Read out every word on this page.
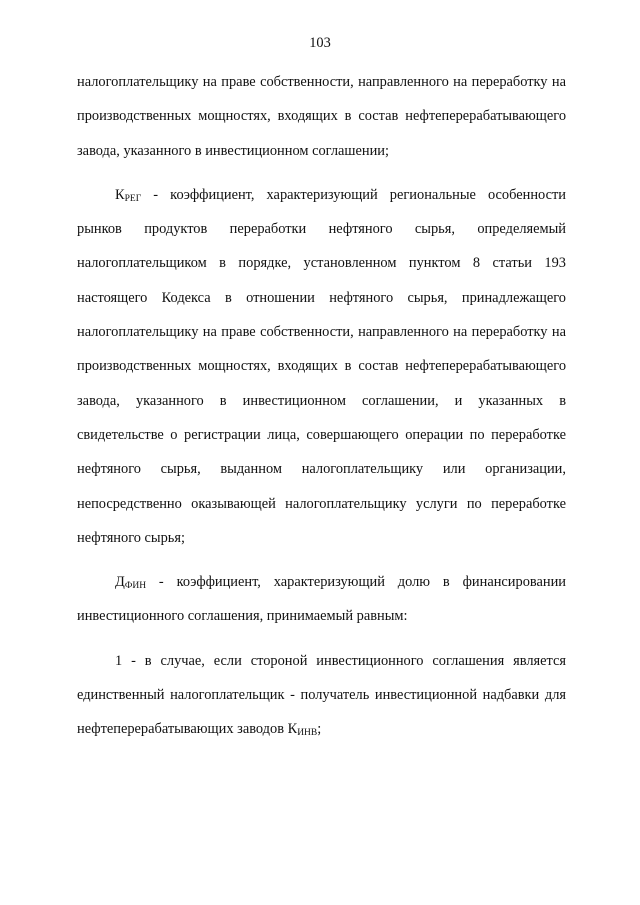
103

налогоплательщику на праве собственности, направленного на переработку на производственных мощностях, входящих в состав нефтеперерабатывающего завода, указанного в инвестиционном соглашении;

$К_{РЕГ}$ - коэффициент, характеризующий региональные особенности рынков продуктов переработки нефтяного сырья, определяемый налогоплательщиком в порядке, установленном пунктом 8 статьи 193 настоящего Кодекса в отношении нефтяного сырья, принадлежащего налогоплательщику на праве собственности, направленного на переработку на производственных мощностях, входящих в состав нефтеперерабатывающего завода, указанного в инвестиционном соглашении, и указанных в свидетельстве о регистрации лица, совершающего операции по переработке нефтяного сырья, выданном налогоплательщику или организации, непосредственно оказывающей налогоплательщику услуги по переработке нефтяного сырья;

$Д_{ФИН}$ - коэффициент, характеризующий долю в финансировании инвестиционного соглашения, принимаемый равным:

1 - в случае, если стороной инвестиционного соглашения является единственный налогоплательщик - получатель инвестиционной надбавки для нефтеперерабатывающих заводов $К_{ИНВ}$;
